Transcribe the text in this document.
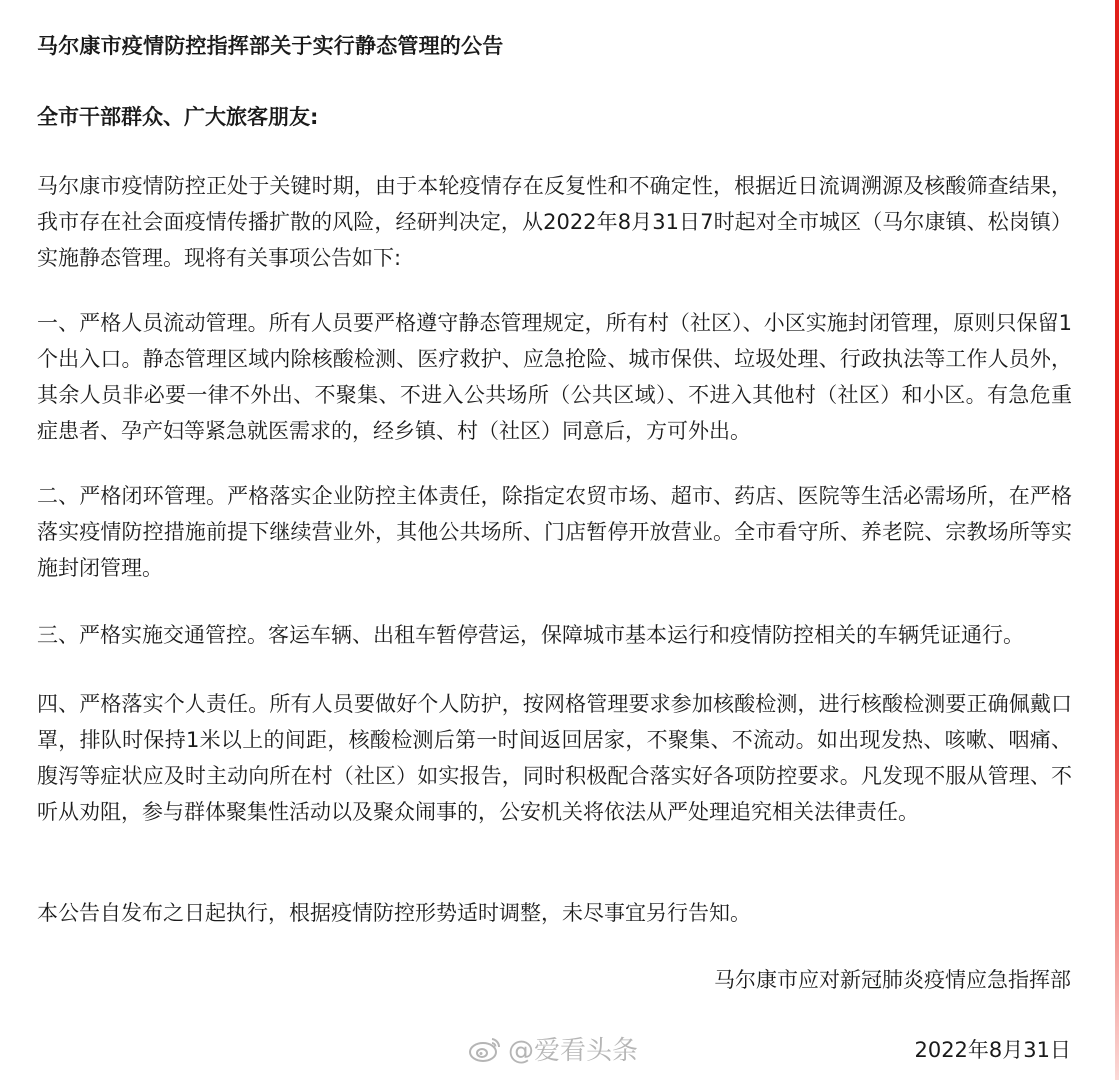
马尔康市疫情防控指挥部关于实行静态管理的公告
全市干部群众、广大旅客朋友:

马尔康市疫情防控正处于关键时期，由于本轮疫情存在反复性和不确定性，根据近日流调溯源及核酸筛查结果，我市存在社会面疫情传播扩散的风险，经研判决定，从2022年8月31日7时起对全市城区（马尔康镇、松岗镇）实施静态管理。现将有关事项公告如下:

一、严格人员流动管理。所有人员要严格遵守静态管理规定，所有村（社区）、小区实施封闭管理，原则只保留1个出入口。静态管理区域内除核酸检测、医疗救护、应急抢险、城市保供、垃圾处理、行政执法等工作人员外，其余人员非必要一律不外出、不聚集、不进入公共场所（公共区域）、不进入其他村（社区）和小区。有急危重症患者、孕产妇等紧急就医需求的，经乡镇、村（社区）同意后，方可外出。

二、严格闭环管理。严格落实企业防控主体责任，除指定农贸市场、超市、药店、医院等生活必需场所，在严格落实疫情防控措施前提下继续营业外，其他公共场所、门店暂停开放营业。全市看守所、养老院、宗教场所等实施封闭管理。

三、严格实施交通管控。客运车辆、出租车暂停营运，保障城市基本运行和疫情防控相关的车辆凭证通行。

四、严格落实个人责任。所有人员要做好个人防护，按网格管理要求参加核酸检测，进行核酸检测要正确佩戴口罩，排队时保持1米以上的间距，核酸检测后第一时间返回居家，不聚集、不流动。如出现发热、咳嗽、咽痛、腹泻等症状应及时主动向所在村（社区）如实报告，同时积极配合落实好各项防控要求。凡发现不服从管理、不听从劝阻，参与群体聚集性活动以及聚众闹事的，公安机关将依法从严处理追究相关法律责任。

本公告自发布之日起执行，根据疫情防控形势适时调整，未尽事宜另行告知。

马尔康市应对新冠肺炎疫情应急指挥部
@爱看头条	2022年8月31日
